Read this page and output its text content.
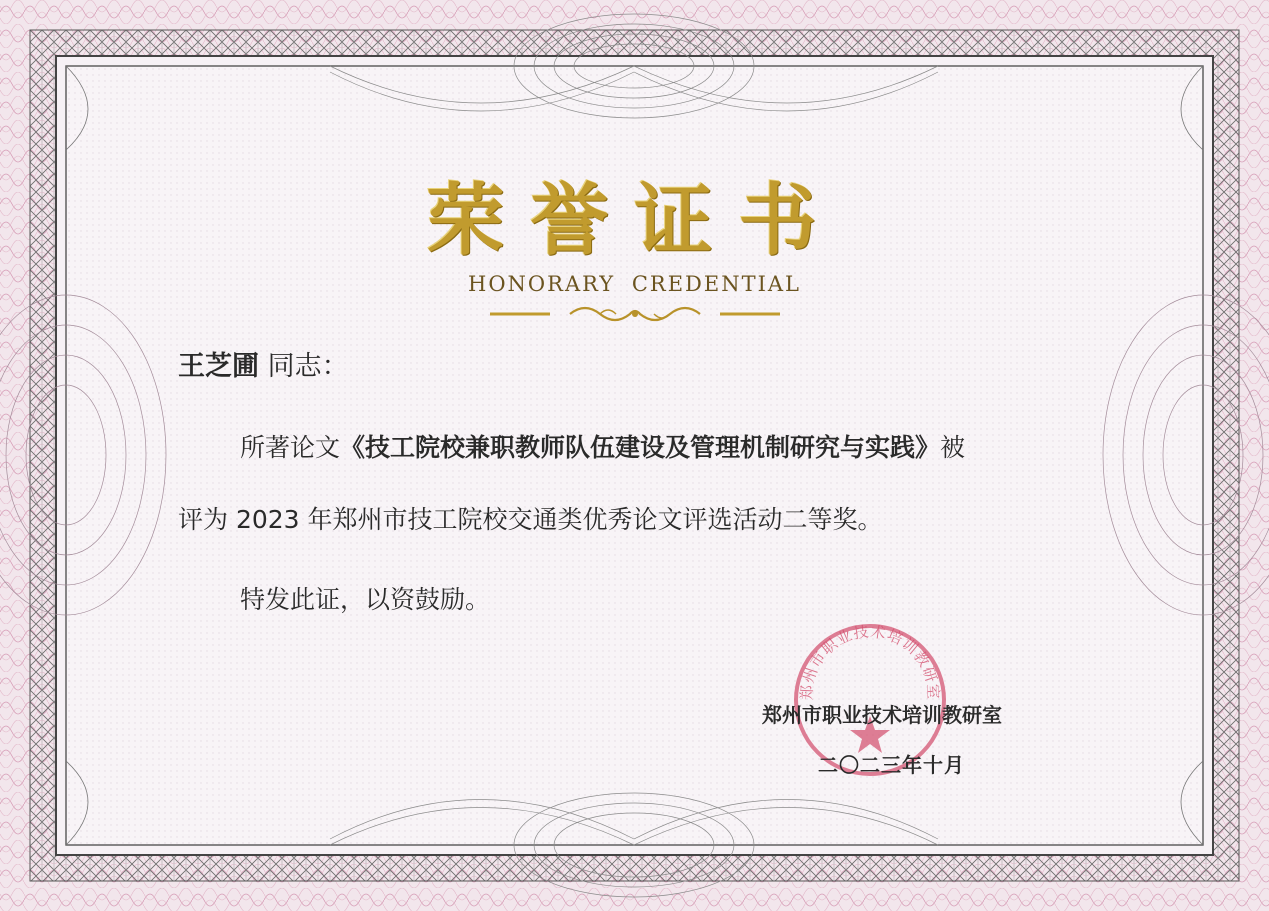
荣誉证书
HONORARY CREDENTIAL
王芝圃 同志：
所著论文《技工院校兼职教师队伍建设及管理机制研究与实践》被
评为 2023 年郑州市技工院校交通类优秀论文评选活动二等奖。
特发此证，以资鼓励。
郑州市职业技术培训教研室
郑州市职业技术培训教研室
二〇二三年十月
